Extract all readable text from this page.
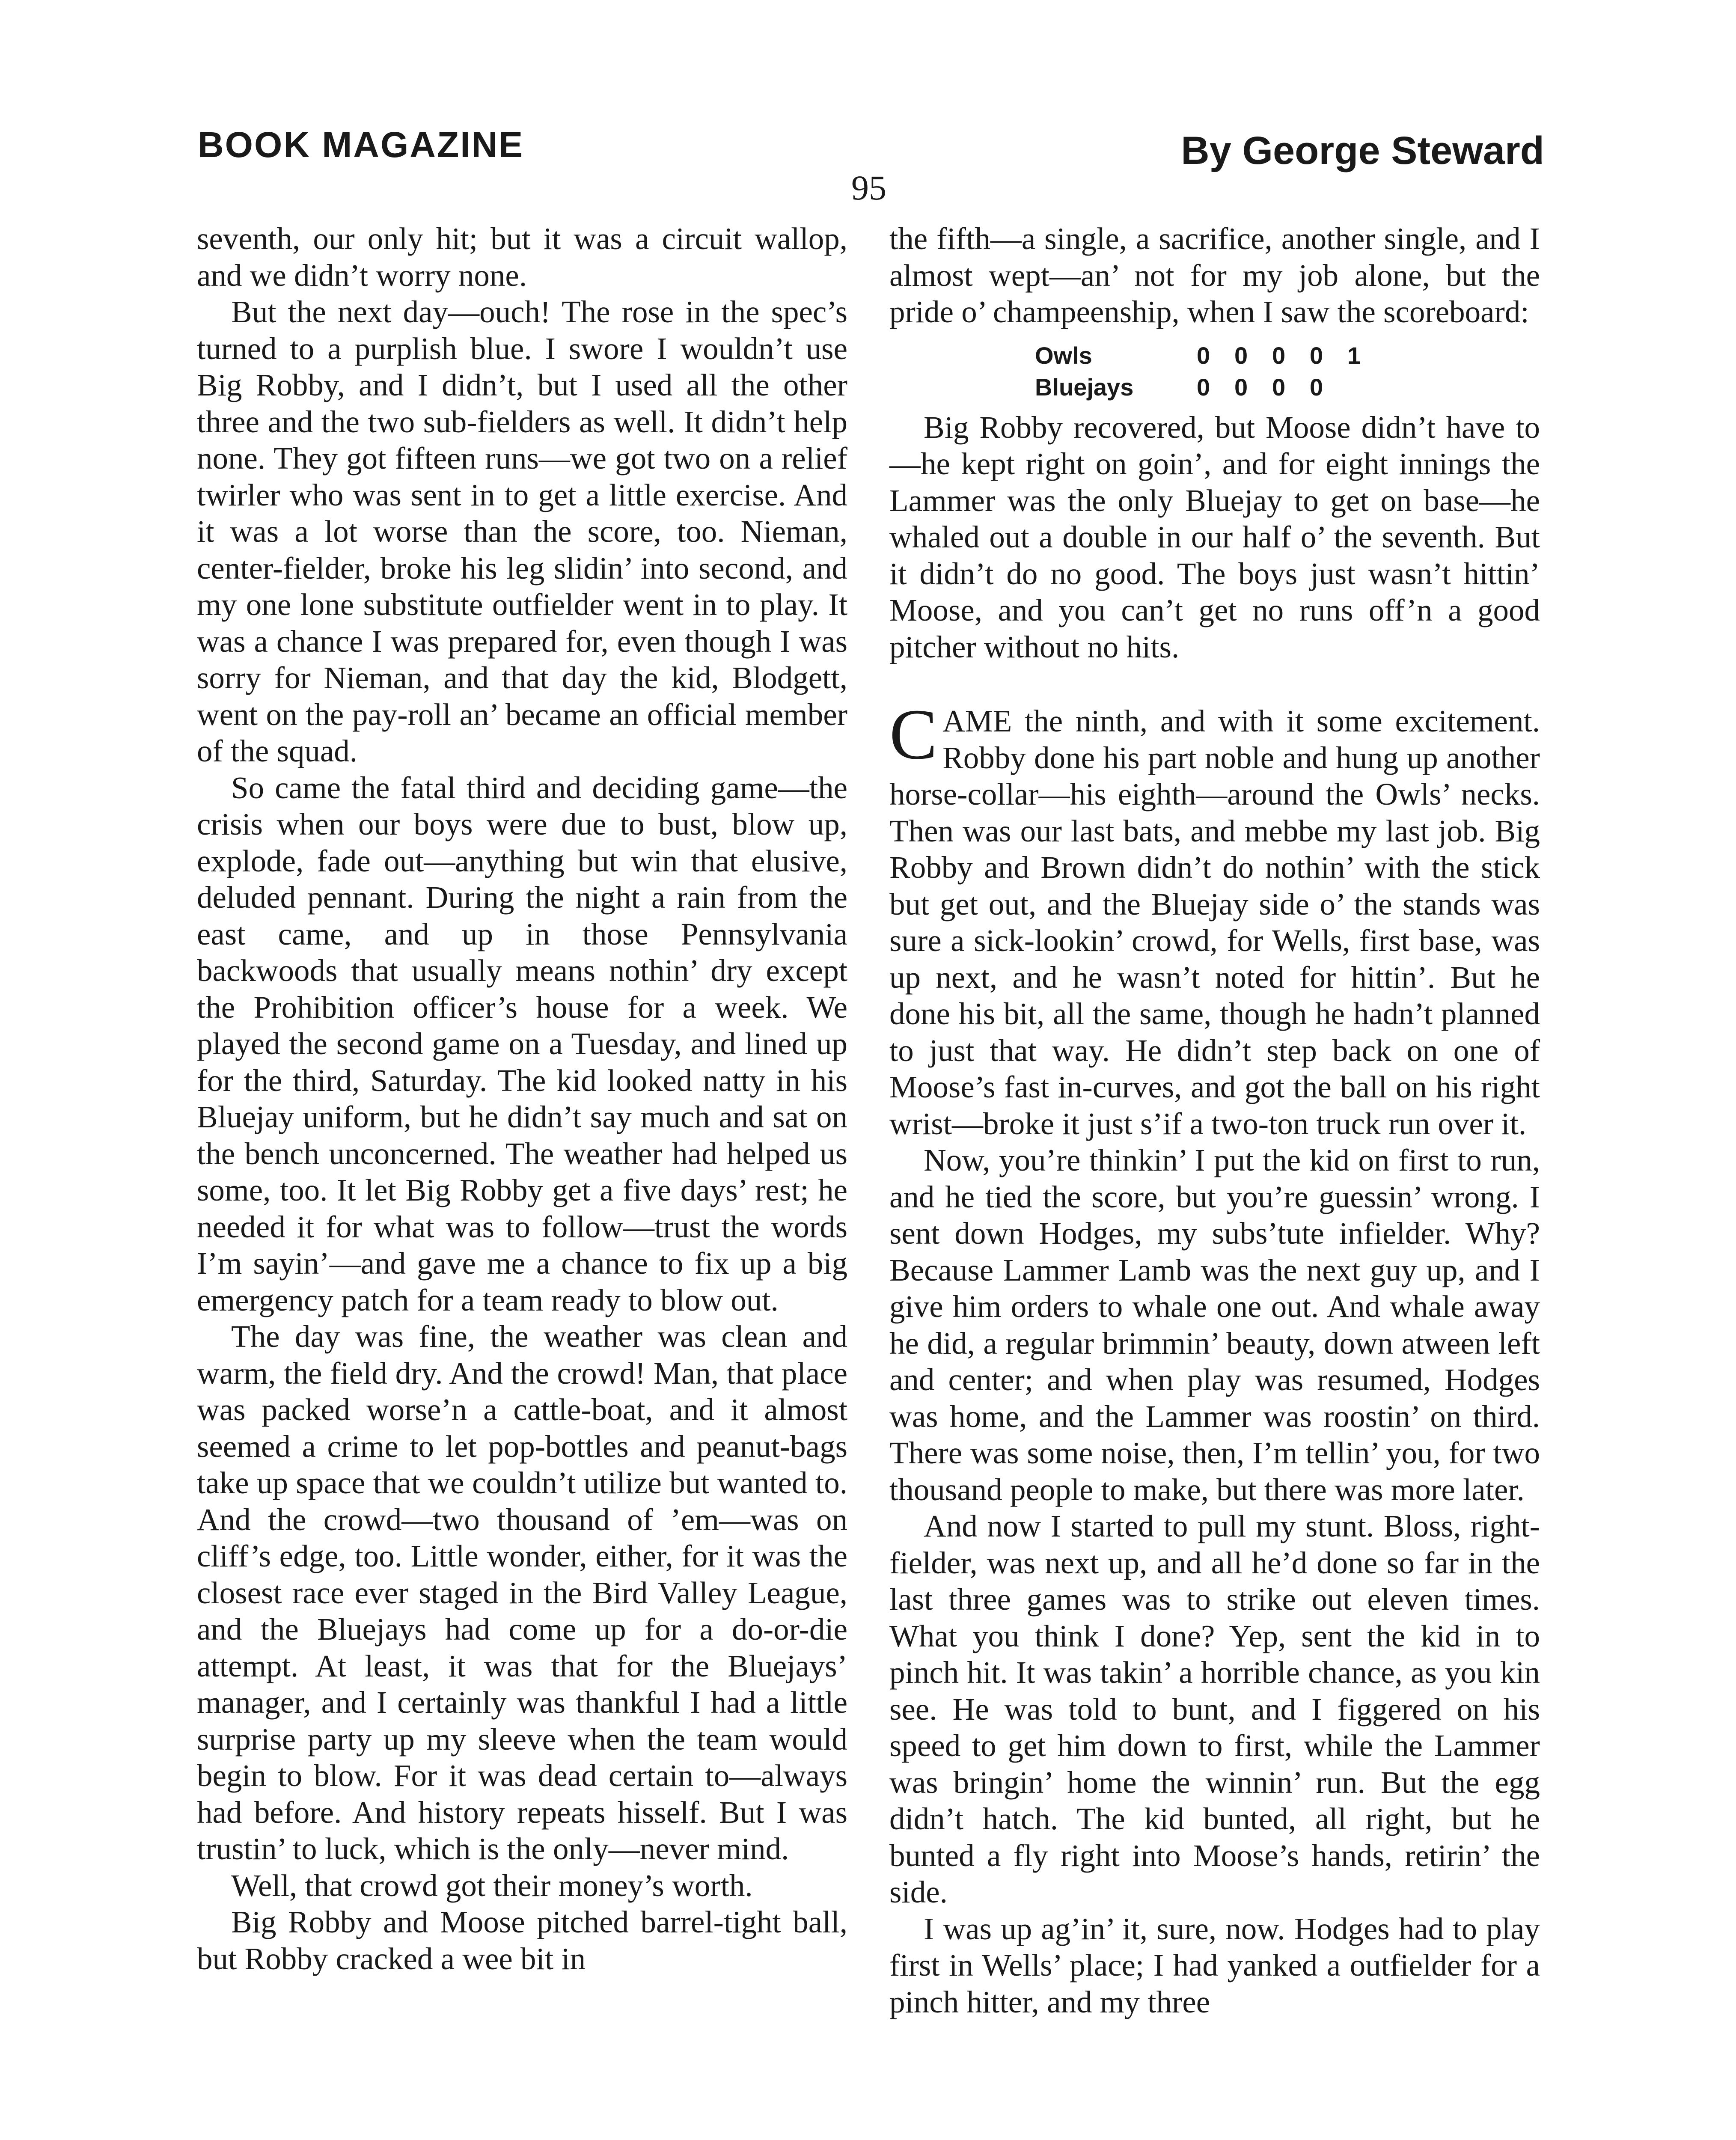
BOOK MAGAZINE	By George Steward
95

seventh, our only hit; but it was a circuit wallop, and we didn’t worry none.

But the next day—ouch! The rose in the spec’s turned to a purplish blue. I swore I wouldn’t use Big Robby, and I didn’t, but I used all the other three and the two sub-fielders as well. It didn’t help none. They got fifteen runs—we got two on a relief twirler who was sent in to get a little exercise. And it was a lot worse than the score, too. Nieman, center-fielder, broke his leg slidin’ into second, and my one lone substitute outfielder went in to play. It was a chance I was prepared for, even though I was sorry for Nieman, and that day the kid, Blodgett, went on the pay-roll an’ became an official member of the squad.

So came the fatal third and deciding game—the crisis when our boys were due to bust, blow up, explode, fade out—anything but win that elusive, deluded pennant. During the night a rain from the east came, and up in those Pennsylvania backwoods that usually means nothin’ dry except the Prohibition officer’s house for a week. We played the second game on a Tuesday, and lined up for the third, Saturday. The kid looked natty in his Bluejay uniform, but he didn’t say much and sat on the bench unconcerned. The weather had helped us some, too. It let Big Robby get a five days’ rest; he needed it for what was to follow—trust the words I’m sayin’—and gave me a chance to fix up a big emergency patch for a team ready to blow out.

The day was fine, the weather was clean and warm, the field dry. And the crowd! Man, that place was packed worse’n a cattle-boat, and it almost seemed a crime to let pop-bottles and peanut-bags take up space that we couldn’t utilize but wanted to. And the crowd—two thousand of ’em—was on cliff’s edge, too. Little wonder, either, for it was the closest race ever staged in the Bird Valley League, and the Bluejays had come up for a do-or-die attempt. At least, it was that for the Bluejays’ manager, and I certainly was thankful I had a little surprise party up my sleeve when the team would begin to blow. For it was dead certain to—always had before. And history repeats hisself. But I was trustin’ to luck, which is the only—never mind.

Well, that crowd got their money’s worth.

Big Robby and Moose pitched barrel-tight ball, but Robby cracked a wee bit in

the fifth—a single, a sacrifice, another single, and I almost wept—an’ not for my job alone, but the pride o’ champeenship, when I saw the scoreboard:

Owls	0	0	0	0	1
Bluejays	0	0	0	0	

Big Robby recovered, but Moose didn’t have to—he kept right on goin’, and for eight innings the Lammer was the only Bluejay to get on base—he whaled out a double in our half o’ the seventh. But it didn’t do no good. The boys just wasn’t hittin’ Moose, and you can’t get no runs off’n a good pitcher without no hits.

CAME the ninth, and with it some excitement. Robby done his part noble and hung up another horse-collar—his eighth—around the Owls’ necks. Then was our last bats, and mebbe my last job. Big Robby and Brown didn’t do nothin’ with the stick but get out, and the Bluejay side o’ the stands was sure a sick-lookin’ crowd, for Wells, first base, was up next, and he wasn’t noted for hittin’. But he done his bit, all the same, though he hadn’t planned to just that way. He didn’t step back on one of Moose’s fast in-curves, and got the ball on his right wrist—broke it just s’if a two-ton truck run over it.

Now, you’re thinkin’ I put the kid on first to run, and he tied the score, but you’re guessin’ wrong. I sent down Hodges, my subs’tute infielder. Why? Because Lammer Lamb was the next guy up, and I give him orders to whale one out. And whale away he did, a regular brimmin’ beauty, down atween left and center; and when play was resumed, Hodges was home, and the Lammer was roostin’ on third. There was some noise, then, I’m tellin’ you, for two thousand people to make, but there was more later.

And now I started to pull my stunt. Bloss, right-fielder, was next up, and all he’d done so far in the last three games was to strike out eleven times. What you think I done? Yep, sent the kid in to pinch hit. It was takin’ a horrible chance, as you kin see. He was told to bunt, and I figgered on his speed to get him down to first, while the Lammer was bringin’ home the winnin’ run. But the egg didn’t hatch. The kid bunted, all right, but he bunted a fly right into Moose’s hands, retirin’ the side.

I was up ag’in’ it, sure, now. Hodges had to play first in Wells’ place; I had yanked a outfielder for a pinch hitter, and my three
